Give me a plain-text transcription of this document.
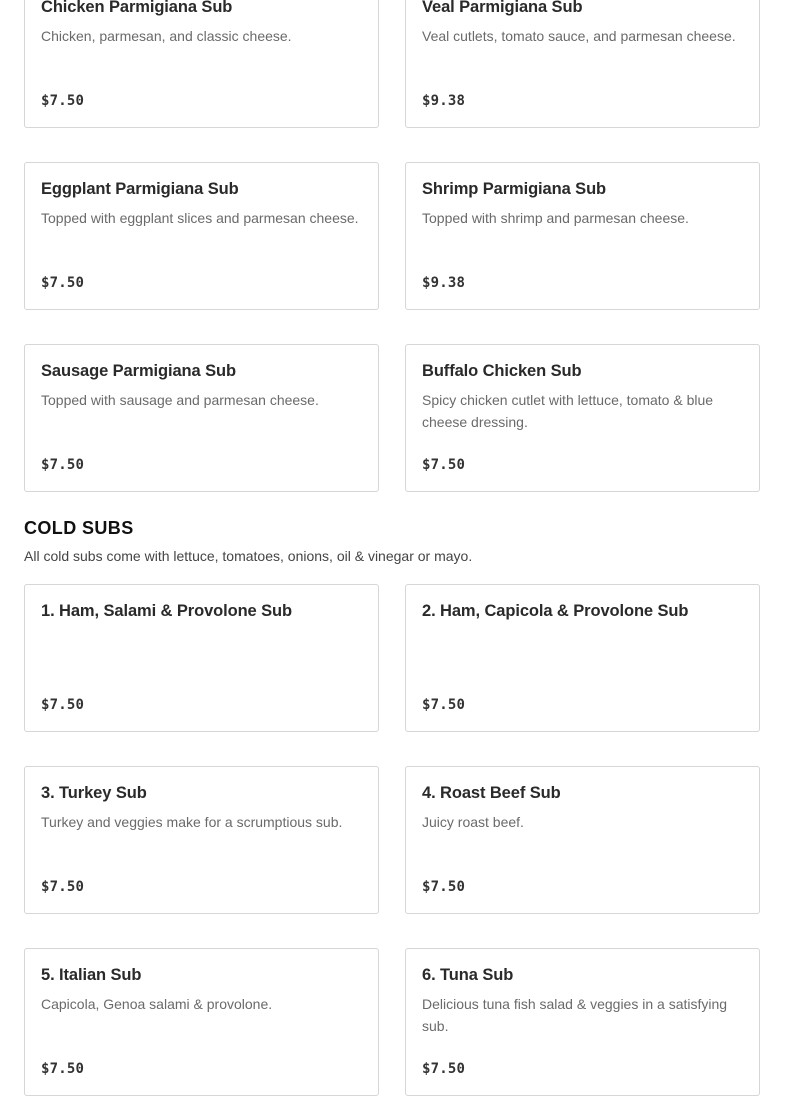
Chicken Parmigiana Sub
Chicken, parmesan, and classic cheese.
$7.50
Veal Parmigiana Sub
Veal cutlets, tomato sauce, and parmesan cheese.
$9.38
Eggplant Parmigiana Sub
Topped with eggplant slices and parmesan cheese.
$7.50
Shrimp Parmigiana Sub
Topped with shrimp and parmesan cheese.
$9.38
Sausage Parmigiana Sub
Topped with sausage and parmesan cheese.
$7.50
Buffalo Chicken Sub
Spicy chicken cutlet with lettuce, tomato & blue cheese dressing.
$7.50
COLD SUBS
All cold subs come with lettuce, tomatoes, onions, oil & vinegar or mayo.
1. Ham, Salami & Provolone Sub
$7.50
2. Ham, Capicola & Provolone Sub
$7.50
3. Turkey Sub
Turkey and veggies make for a scrumptious sub.
$7.50
4. Roast Beef Sub
Juicy roast beef.
$7.50
5. Italian Sub
Capicola, Genoa salami & provolone.
$7.50
6. Tuna Sub
Delicious tuna fish salad & veggies in a satisfying sub.
$7.50
